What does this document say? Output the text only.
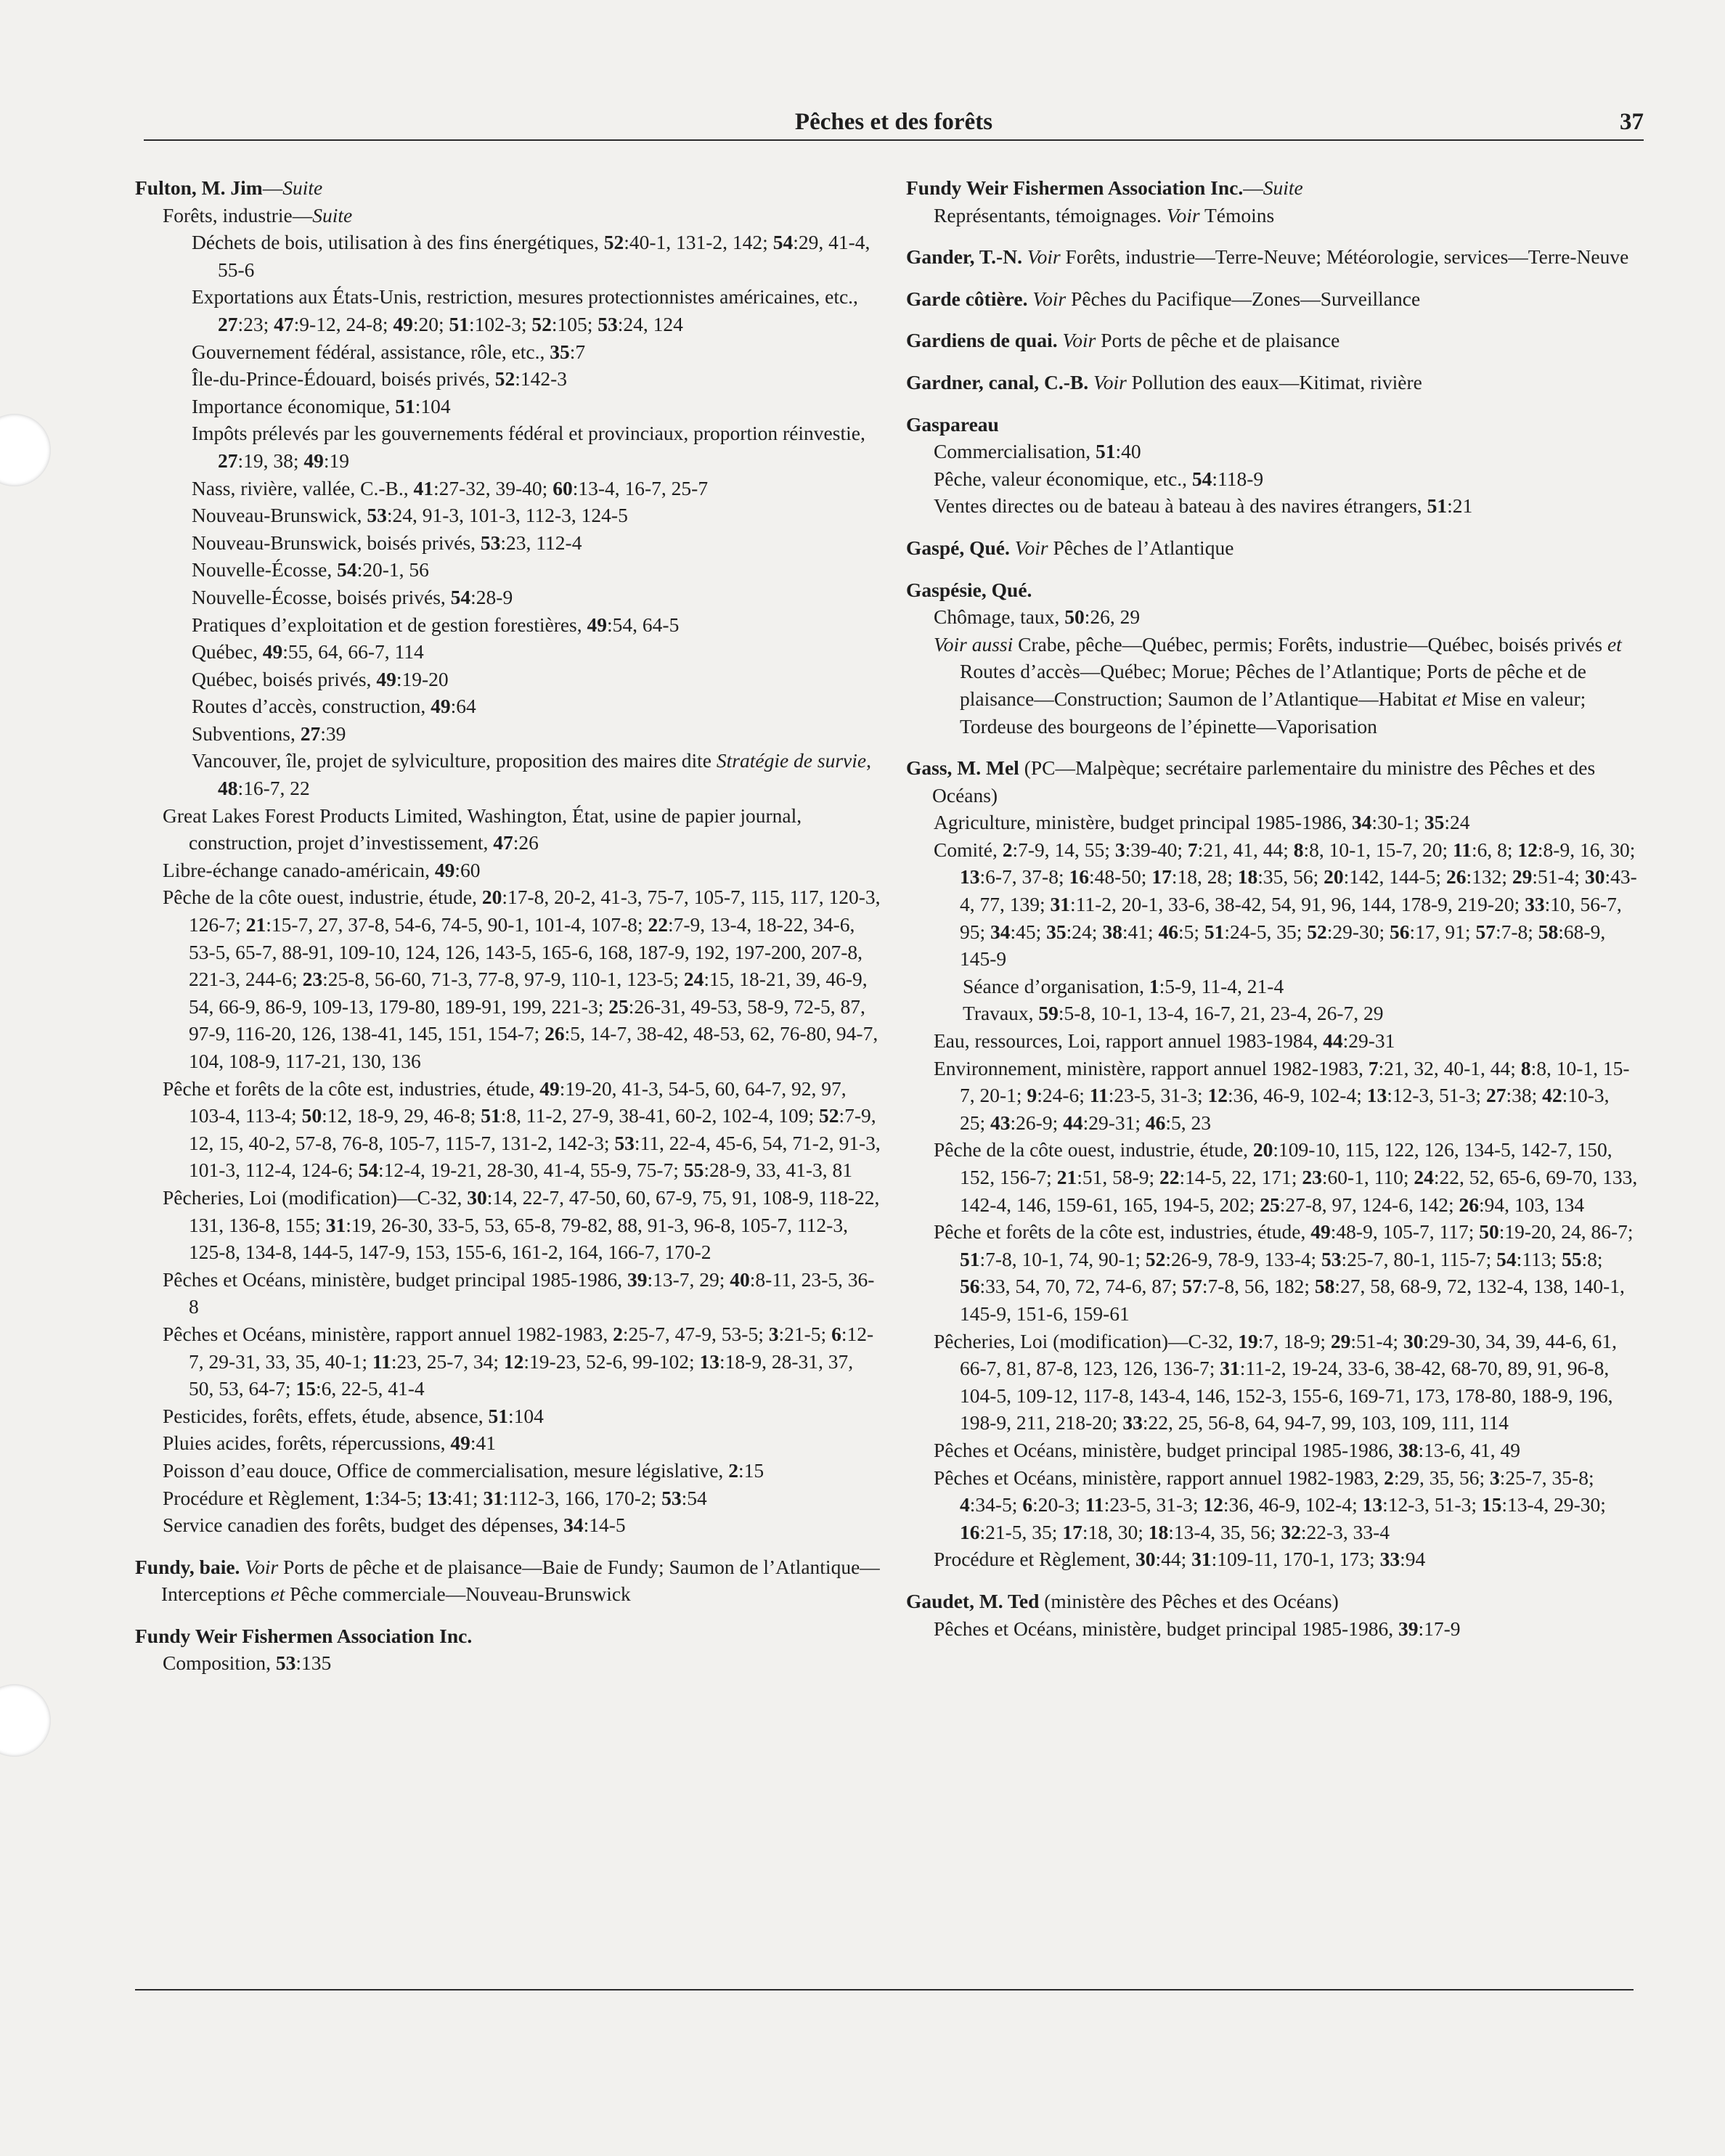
Pêches et des forêts	37

Fulton, M. Jim—Suite

Forêts, industrie—Suite

Déchets de bois, utilisation à des fins énergétiques, 52:40-1, 131-2, 142; 54:29, 41-4, 55-6

Exportations aux États-Unis, restriction, mesures protectionnistes américaines, etc., 27:23; 47:9-12, 24-8; 49:20; 51:102-3; 52:105; 53:24, 124

Gouvernement fédéral, assistance, rôle, etc., 35:7

Île-du-Prince-Édouard, boisés privés, 52:142-3

Importance économique, 51:104

Impôts prélevés par les gouvernements fédéral et provinciaux, proportion réinvestie, 27:19, 38; 49:19

Nass, rivière, vallée, C.-B., 41:27-32, 39-40; 60:13-4, 16-7, 25-7

Nouveau-Brunswick, 53:24, 91-3, 101-3, 112-3, 124-5

Nouveau-Brunswick, boisés privés, 53:23, 112-4

Nouvelle-Écosse, 54:20-1, 56

Nouvelle-Écosse, boisés privés, 54:28-9

Pratiques d’exploitation et de gestion forestières, 49:54, 64-5

Québec, 49:55, 64, 66-7, 114

Québec, boisés privés, 49:19-20

Routes d’accès, construction, 49:64

Subventions, 27:39

Vancouver, île, projet de sylviculture, proposition des maires dite Stratégie de survie, 48:16-7, 22

Great Lakes Forest Products Limited, Washington, État, usine de papier journal, construction, projet d’investissement, 47:26

Libre-échange canado-américain, 49:60

Pêche de la côte ouest, industrie, étude, 20:17-8, 20-2, 41-3, 75-7, 105-7, 115, 117, 120-3, 126-7; 21:15-7, 27, 37-8, 54-6, 74-5, 90-1, 101-4, 107-8; 22:7-9, 13-4, 18-22, 34-6, 53-5, 65-7, 88-91, 109-10, 124, 126, 143-5, 165-6, 168, 187-9, 192, 197-200, 207-8, 221-3, 244-6; 23:25-8, 56-60, 71-3, 77-8, 97-9, 110-1, 123-5; 24:15, 18-21, 39, 46-9, 54, 66-9, 86-9, 109-13, 179-80, 189-91, 199, 221-3; 25:26-31, 49-53, 58-9, 72-5, 87, 97-9, 116-20, 126, 138-41, 145, 151, 154-7; 26:5, 14-7, 38-42, 48-53, 62, 76-80, 94-7, 104, 108-9, 117-21, 130, 136

Pêche et forêts de la côte est, industries, étude, 49:19-20, 41-3, 54-5, 60, 64-7, 92, 97, 103-4, 113-4; 50:12, 18-9, 29, 46-8; 51:8, 11-2, 27-9, 38-41, 60-2, 102-4, 109; 52:7-9, 12, 15, 40-2, 57-8, 76-8, 105-7, 115-7, 131-2, 142-3; 53:11, 22-4, 45-6, 54, 71-2, 91-3, 101-3, 112-4, 124-6; 54:12-4, 19-21, 28-30, 41-4, 55-9, 75-7; 55:28-9, 33, 41-3, 81

Pêcheries, Loi (modification)—C-32, 30:14, 22-7, 47-50, 60, 67-9, 75, 91, 108-9, 118-22, 131, 136-8, 155; 31:19, 26-30, 33-5, 53, 65-8, 79-82, 88, 91-3, 96-8, 105-7, 112-3, 125-8, 134-8, 144-5, 147-9, 153, 155-6, 161-2, 164, 166-7, 170-2

Pêches et Océans, ministère, budget principal 1985-1986, 39:13-7, 29; 40:8-11, 23-5, 36-8

Pêches et Océans, ministère, rapport annuel 1982-1983, 2:25-7, 47-9, 53-5; 3:21-5; 6:12-7, 29-31, 33, 35, 40-1; 11:23, 25-7, 34; 12:19-23, 52-6, 99-102; 13:18-9, 28-31, 37, 50, 53, 64-7; 15:6, 22-5, 41-4

Pesticides, forêts, effets, étude, absence, 51:104

Pluies acides, forêts, répercussions, 49:41

Poisson d’eau douce, Office de commercialisation, mesure législative, 2:15

Procédure et Règlement, 1:34-5; 13:41; 31:112-3, 166, 170-2; 53:54

Service canadien des forêts, budget des dépenses, 34:14-5

Fundy, baie. Voir Ports de pêche et de plaisance—Baie de Fundy; Saumon de l’Atlantique—Interceptions et Pêche commerciale—Nouveau-Brunswick

Fundy Weir Fishermen Association Inc.

Composition, 53:135

Fundy Weir Fishermen Association Inc.—Suite

Représentants, témoignages. Voir Témoins

Gander, T.-N. Voir Forêts, industrie—Terre-Neuve; Météorologie, services—Terre-Neuve

Garde côtière. Voir Pêches du Pacifique—Zones—Surveillance

Gardiens de quai. Voir Ports de pêche et de plaisance

Gardner, canal, C.-B. Voir Pollution des eaux—Kitimat, rivière

Gaspareau

Commercialisation, 51:40

Pêche, valeur économique, etc., 54:118-9

Ventes directes ou de bateau à bateau à des navires étrangers, 51:21

Gaspé, Qué. Voir Pêches de l’Atlantique

Gaspésie, Qué.

Chômage, taux, 50:26, 29

Voir aussi Crabe, pêche—Québec, permis; Forêts, industrie—Québec, boisés privés et Routes d’accès—Québec; Morue; Pêches de l’Atlantique; Ports de pêche et de plaisance—Construction; Saumon de l’Atlantique—Habitat et Mise en valeur; Tordeuse des bourgeons de l’épinette—Vaporisation

Gass, M. Mel (PC—Malpèque; secrétaire parlementaire du ministre des Pêches et des Océans)

Agriculture, ministère, budget principal 1985-1986, 34:30-1; 35:24

Comité, 2:7-9, 14, 55; 3:39-40; 7:21, 41, 44; 8:8, 10-1, 15-7, 20; 11:6, 8; 12:8-9, 16, 30; 13:6-7, 37-8; 16:48-50; 17:18, 28; 18:35, 56; 20:142, 144-5; 26:132; 29:51-4; 30:43-4, 77, 139; 31:11-2, 20-1, 33-6, 38-42, 54, 91, 96, 144, 178-9, 219-20; 33:10, 56-7, 95; 34:45; 35:24; 38:41; 46:5; 51:24-5, 35; 52:29-30; 56:17, 91; 57:7-8; 58:68-9, 145-9

Séance d’organisation, 1:5-9, 11-4, 21-4

Travaux, 59:5-8, 10-1, 13-4, 16-7, 21, 23-4, 26-7, 29

Eau, ressources, Loi, rapport annuel 1983-1984, 44:29-31

Environnement, ministère, rapport annuel 1982-1983, 7:21, 32, 40-1, 44; 8:8, 10-1, 15-7, 20-1; 9:24-6; 11:23-5, 31-3; 12:36, 46-9, 102-4; 13:12-3, 51-3; 27:38; 42:10-3, 25; 43:26-9; 44:29-31; 46:5, 23

Pêche de la côte ouest, industrie, étude, 20:109-10, 115, 122, 126, 134-5, 142-7, 150, 152, 156-7; 21:51, 58-9; 22:14-5, 22, 171; 23:60-1, 110; 24:22, 52, 65-6, 69-70, 133, 142-4, 146, 159-61, 165, 194-5, 202; 25:27-8, 97, 124-6, 142; 26:94, 103, 134

Pêche et forêts de la côte est, industries, étude, 49:48-9, 105-7, 117; 50:19-20, 24, 86-7; 51:7-8, 10-1, 74, 90-1; 52:26-9, 78-9, 133-4; 53:25-7, 80-1, 115-7; 54:113; 55:8; 56:33, 54, 70, 72, 74-6, 87; 57:7-8, 56, 182; 58:27, 58, 68-9, 72, 132-4, 138, 140-1, 145-9, 151-6, 159-61

Pêcheries, Loi (modification)—C-32, 19:7, 18-9; 29:51-4; 30:29-30, 34, 39, 44-6, 61, 66-7, 81, 87-8, 123, 126, 136-7; 31:11-2, 19-24, 33-6, 38-42, 68-70, 89, 91, 96-8, 104-5, 109-12, 117-8, 143-4, 146, 152-3, 155-6, 169-71, 173, 178-80, 188-9, 196, 198-9, 211, 218-20; 33:22, 25, 56-8, 64, 94-7, 99, 103, 109, 111, 114

Pêches et Océans, ministère, budget principal 1985-1986, 38:13-6, 41, 49

Pêches et Océans, ministère, rapport annuel 1982-1983, 2:29, 35, 56; 3:25-7, 35-8; 4:34-5; 6:20-3; 11:23-5, 31-3; 12:36, 46-9, 102-4; 13:12-3, 51-3; 15:13-4, 29-30; 16:21-5, 35; 17:18, 30; 18:13-4, 35, 56; 32:22-3, 33-4

Procédure et Règlement, 30:44; 31:109-11, 170-1, 173; 33:94

Gaudet, M. Ted (ministère des Pêches et des Océans)

Pêches et Océans, ministère, budget principal 1985-1986, 39:17-9
